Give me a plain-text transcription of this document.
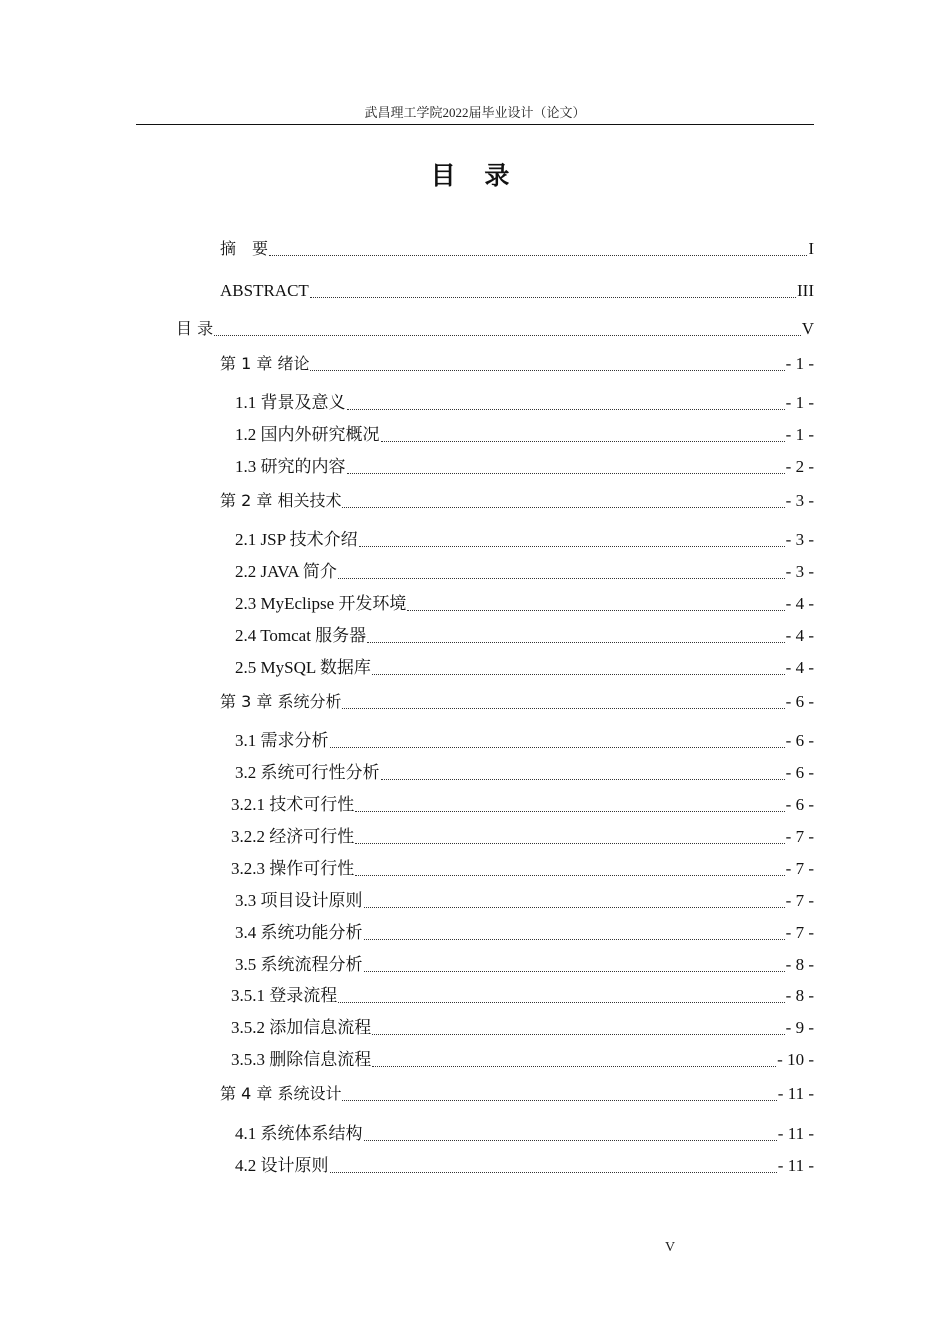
武昌理工学院2022届毕业设计（论文）
目 录
摘　要	I
ABSTRACT	III
目 录	V
第 1 章 绪论	- 1 -
1.1 背景及意义	- 1 -
1.2 国内外研究概况	- 1 -
1.3 研究的内容	- 2 -
第 2 章 相关技术	- 3 -
2.1 JSP 技术介绍	- 3 -
2.2 JAVA 简介	- 3 -
2.3 MyEclipse 开发环境	- 4 -
2.4 Tomcat 服务器	- 4 -
2.5 MySQL 数据库	- 4 -
第 3 章 系统分析	- 6 -
3.1 需求分析	- 6 -
3.2 系统可行性分析	- 6 -
3.2.1 技术可行性	- 6 -
3.2.2 经济可行性	- 7 -
3.2.3 操作可行性	- 7 -
3.3 项目设计原则	- 7 -
3.4 系统功能分析	- 7 -
3.5 系统流程分析	- 8 -
3.5.1 登录流程	- 8 -
3.5.2 添加信息流程	- 9 -
3.5.3 删除信息流程	- 10 -
第 4 章 系统设计	- 11 -
4.1 系统体系结构	- 11 -
4.2 设计原则	- 11 -
V
